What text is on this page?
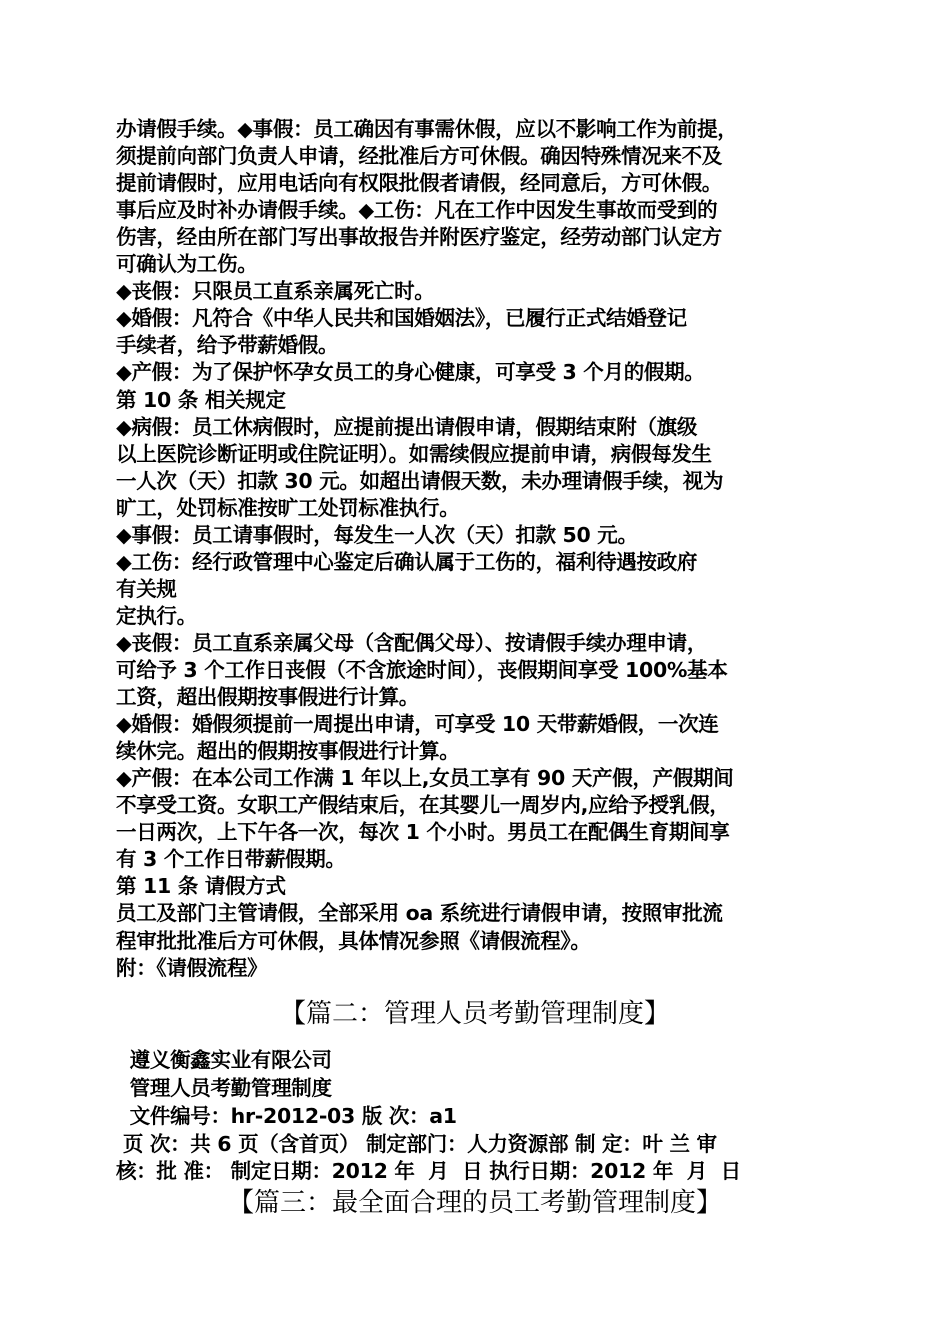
办请假手续。◆事假：员工确因有事需休假，应以不影响工作为前提，
须提前向部门负责人申请，经批准后方可休假。确因特殊情况来不及
提前请假时，应用电话向有权限批假者请假，经同意后，方可休假。
事后应及时补办请假手续。◆工伤：凡在工作中因发生事故而受到的
伤害，经由所在部门写出事故报告并附医疗鉴定，经劳动部门认定方
可确认为工伤。
◆丧假：只限员工直系亲属死亡时。
◆婚假：凡符合《中华人民共和国婚姻法》，已履行正式结婚登记
手续者，给予带薪婚假。
◆产假：为了保护怀孕女员工的身心健康，可享受 3 个月的假期。
第 10 条 相关规定
◆病假：员工休病假时，应提前提出请假申请，假期结束附（旗级
以上医院诊断证明或住院证明）。如需续假应提前申请，病假每发生
一人次（天）扣款 30 元。如超出请假天数，未办理请假手续，视为
旷工，处罚标准按旷工处罚标准执行。
◆事假：员工请事假时，每发生一人次（天）扣款 50 元。
◆工伤：经行政管理中心鉴定后确认属于工伤的，福利待遇按政府
有关规
定执行。
◆丧假：员工直系亲属父母（含配偶父母）、按请假手续办理申请，
可给予 3 个工作日丧假（不含旅途时间），丧假期间享受 100%基本
工资，超出假期按事假进行计算。
◆婚假：婚假须提前一周提出申请，可享受 10 天带薪婚假，一次连
续休完。超出的假期按事假进行计算。
◆产假：在本公司工作满 1 年以上,女员工享有 90 天产假，产假期间
不享受工资。女职工产假结束后，在其婴儿一周岁内,应给予授乳假，
一日两次，上下午各一次，每次 1 个小时。男员工在配偶生育期间享
有 3 个工作日带薪假期。
第 11 条 请假方式
员工及部门主管请假，全部采用 oa 系统进行请假申请，按照审批流
程审批批准后方可休假，具体情况参照《请假流程》。
附：《请假流程》
【篇二：管理人员考勤管理制度】
遵义衡鑫实业有限公司
管理人员考勤管理制度
文件编号：hr-2012-03 版 次：a1
页 次：共 6 页（含首页） 制定部门：人力资源部 制 定：叶 兰 审
核：批 准： 制定日期：2012 年  月  日 执行日期：2012 年  月  日
【篇三：最全面合理的员工考勤管理制度】
